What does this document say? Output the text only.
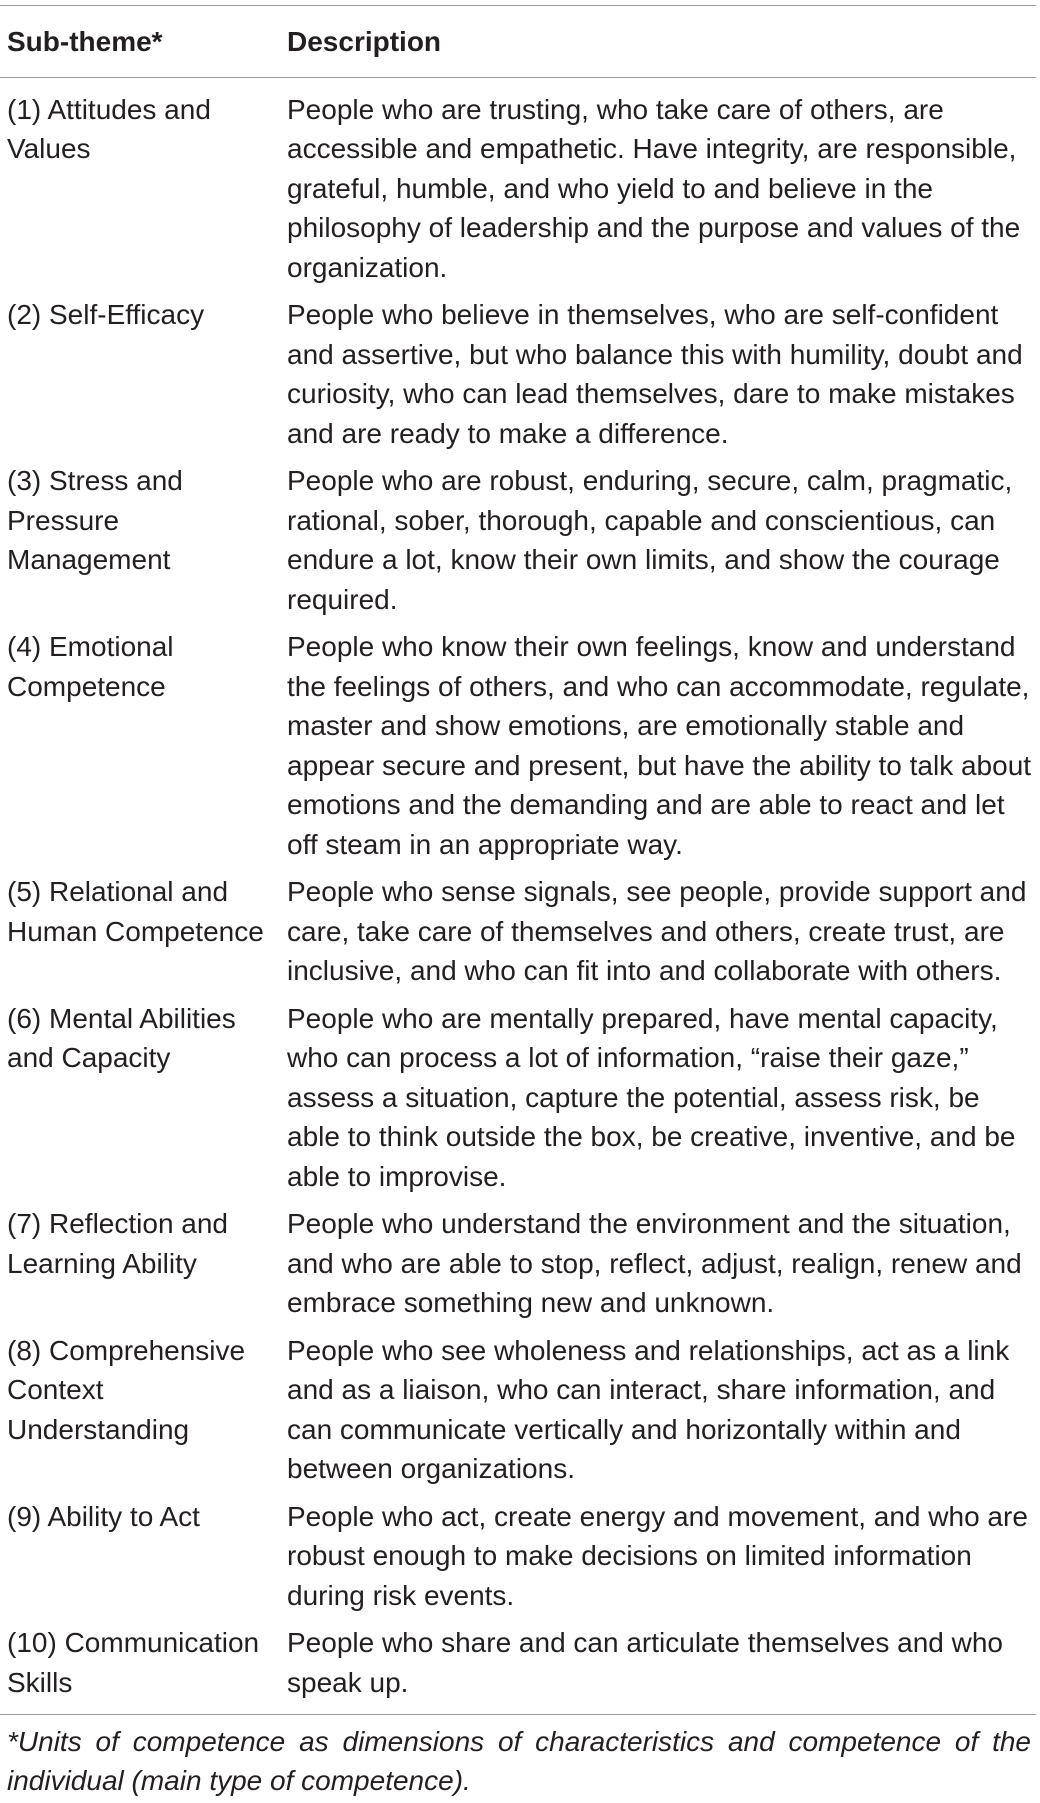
Sub-theme*	Description
(1) Attitudes and Values	People who are trusting, who take care of others, are accessible and empathetic. Have integrity, are responsible, grateful, humble, and who yield to and believe in the philosophy of leadership and the purpose and values of the organization.
(2) Self-Efficacy	People who believe in themselves, who are self-confident and assertive, but who balance this with humility, doubt and curiosity, who can lead themselves, dare to make mistakes and are ready to make a difference.
(3) Stress and Pressure Management	People who are robust, enduring, secure, calm, pragmatic, rational, sober, thorough, capable and conscientious, can endure a lot, know their own limits, and show the courage required.
(4) Emotional Competence	People who know their own feelings, know and understand the feelings of others, and who can accommodate, regulate, master and show emotions, are emotionally stable and appear secure and present, but have the ability to talk about emotions and the demanding and are able to react and let off steam in an appropriate way.
(5) Relational and Human Competence	People who sense signals, see people, provide support and care, take care of themselves and others, create trust, are inclusive, and who can fit into and collaborate with others.
(6) Mental Abilities and Capacity	People who are mentally prepared, have mental capacity, who can process a lot of information, “raise their gaze,” assess a situation, capture the potential, assess risk, be able to think outside the box, be creative, inventive, and be able to improvise.
(7) Reflection and Learning Ability	People who understand the environment and the situation, and who are able to stop, reflect, adjust, realign, renew and embrace something new and unknown.
(8) Comprehensive Context Understanding	People who see wholeness and relationships, act as a link and as a liaison, who can interact, share information, and can communicate vertically and horizontally within and between organizations.
(9) Ability to Act	People who act, create energy and movement, and who are robust enough to make decisions on limited information during risk events.
(10) Communication Skills	People who share and can articulate themselves and who speak up.
*Units of competence as dimensions of characteristics and competence of the individual (main type of competence).
